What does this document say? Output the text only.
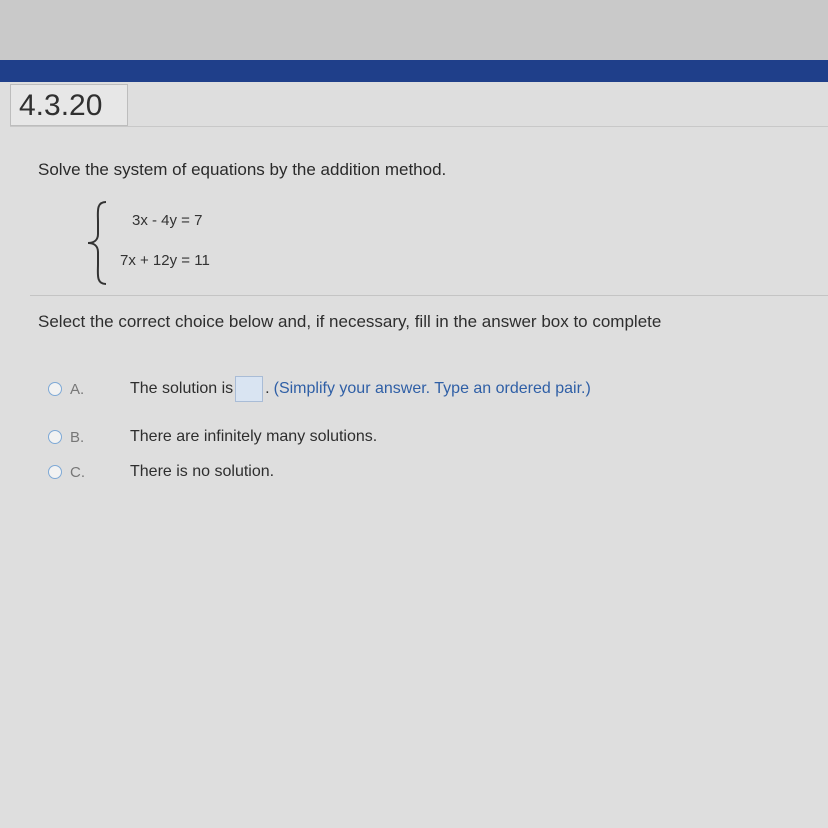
4.3.20
Solve the system of equations by the addition method.
3x - 4y = 7
7x + 12y = 11
Select the correct choice below and, if necessary, fill in the answer box to complete
A.	The solution is . (Simplify your answer. Type an ordered pair.)
B.	There are infinitely many solutions.
C.	There is no solution.
